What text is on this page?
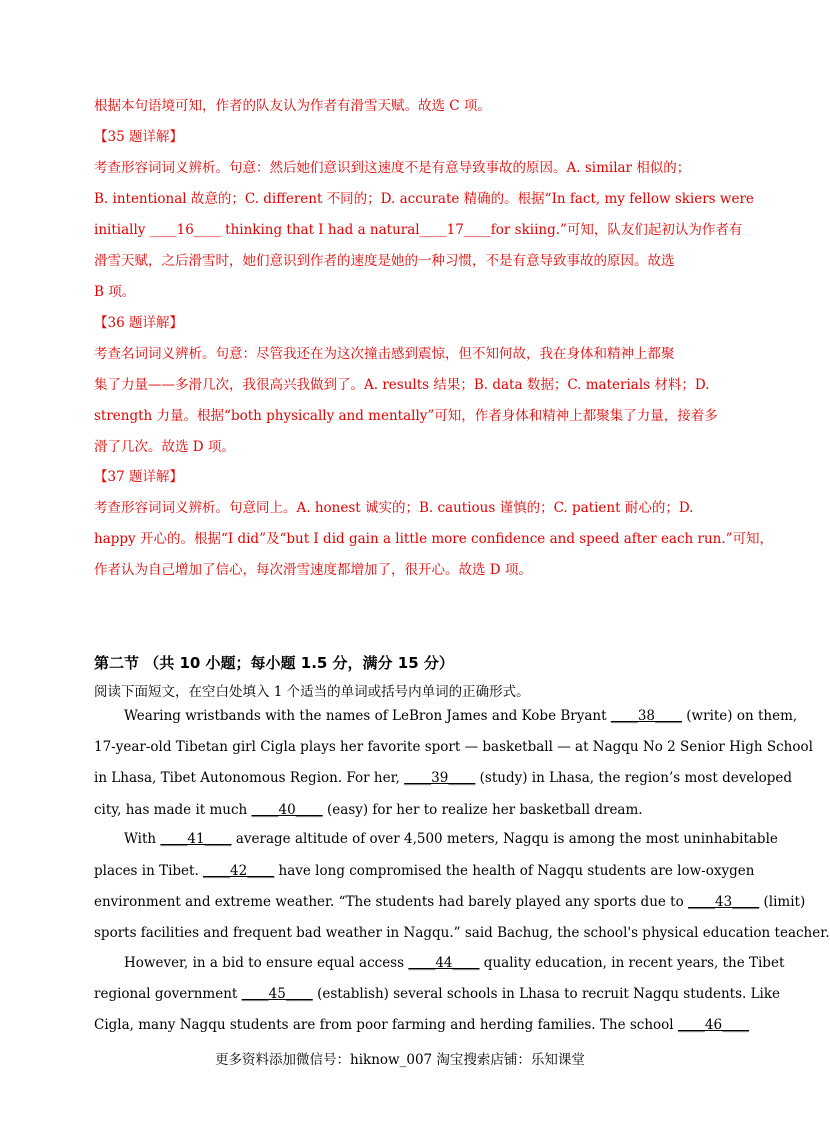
根据本句语境可知，作者的队友认为作者有滑雪天赋。故选 C 项。
【35 题详解】
考查形容词词义辨析。句意：然后她们意识到这速度不是有意导致事故的原因。A. similar 相似的；
B. intentional 故意的；C. different 不同的；D. accurate 精确的。根据“In fact, my fellow skiers were
initially ____16____ thinking that I had a natural____17____for skiing.”可知，队友们起初认为作者有
滑雪天赋，之后滑雪时，她们意识到作者的速度是她的一种习惯，不是有意导致事故的原因。故选
B 项。
【36 题详解】
考查名词词义辨析。句意：尽管我还在为这次撞击感到震惊，但不知何故，我在身体和精神上都聚
集了力量——多滑几次，我很高兴我做到了。A. results 结果；B. data 数据；C. materials 材料；D.
strength 力量。根据“both physically and mentally”可知，作者身体和精神上都聚集了力量，接着多
滑了几次。故选 D 项。
【37 题详解】
考查形容词词义辨析。句意同上。A. honest 诚实的；B. cautious 谨慎的；C. patient 耐心的；D.
happy 开心的。根据“I did”及“but I did gain a little more confidence and speed after each run.”可知，
作者认为自己增加了信心，每次滑雪速度都增加了，很开心。故选 D 项。
第二节 （共 10 小题；每小题 1.5 分，满分 15 分）
阅读下面短文，在空白处填入 1 个适当的单词或括号内单词的正确形式。
Wearing wristbands with the names of LeBron James and Kobe Bryant ____38____ (write) on them,
17-year-old Tibetan girl Cigla plays her favorite sport — basketball — at Nagqu No 2 Senior High School
in Lhasa, Tibet Autonomous Region. For her, ____39____ (study) in Lhasa, the region’s most developed
city, has made it much ____40____ (easy) for her to realize her basketball dream.
With ____41____ average altitude of over 4,500 meters, Nagqu is among the most uninhabitable
places in Tibet. ____42____ have long compromised the health of Nagqu students are low-oxygen
environment and extreme weather. “The students had barely played any sports due to ____43____ (limit)
sports facilities and frequent bad weather in Nagqu.” said Bachug, the school's physical education teacher.
However, in a bid to ensure equal access ____44____ quality education, in recent years, the Tibet
regional government ____45____ (establish) several schools in Lhasa to recruit Nagqu students. Like
Cigla, many Nagqu students are from poor farming and herding families. The school ____46____
更多资料添加微信号：hiknow_007 淘宝搜索店铺：乐知课堂
